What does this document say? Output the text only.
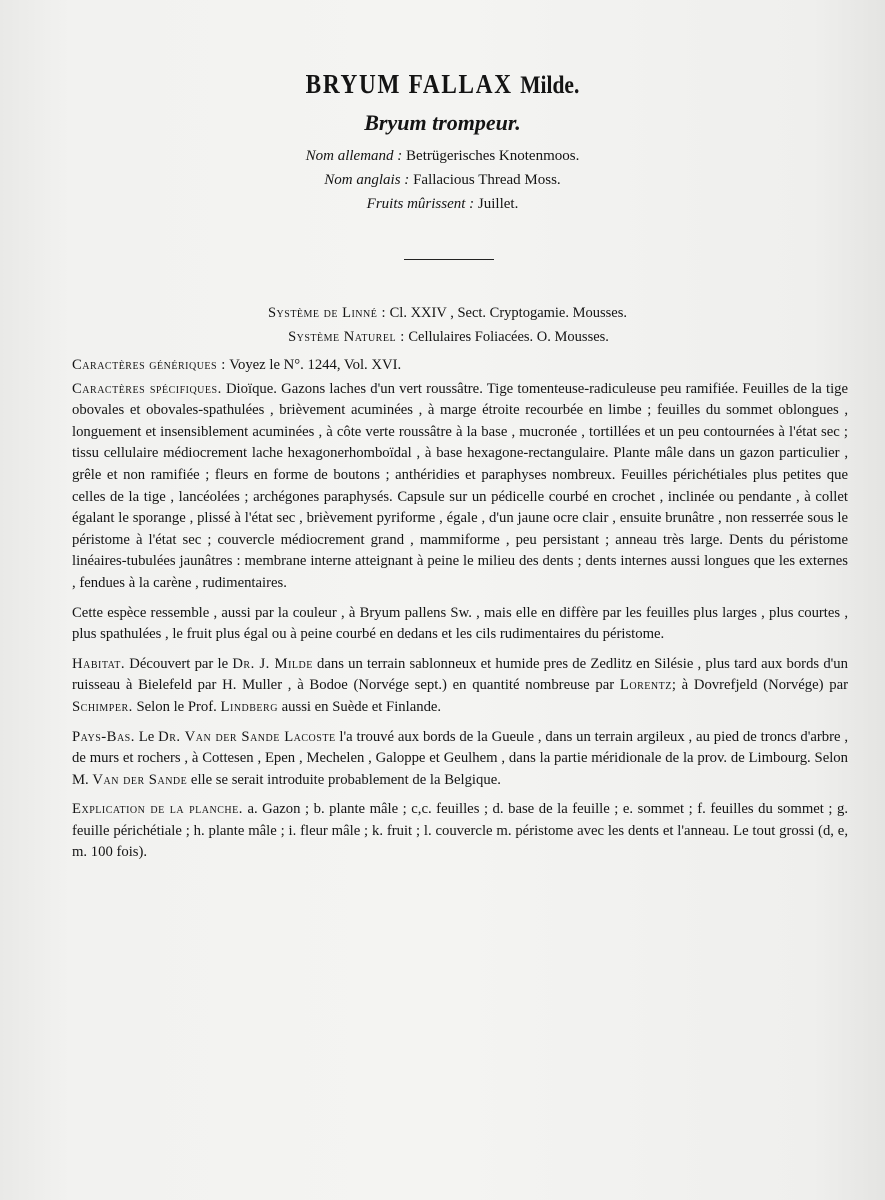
BRYUM FALLAX Milde.
Bryum trompeur.
Nom allemand : Betrügerisches Knotenmoos.
Nom anglais : Fallacious Thread Moss.
Fruits mûrissent : Juillet.
Système de Linné : Cl. XXIV , Sect. Cryptogamie. Mousses.
Système Naturel : Cellulaires Foliacées. O. Mousses.

Caractères génériques : Voyez le N°. 1244, Vol. XVI.

Caractères spécifiques. Dioïque. Gazons laches d'un vert roussâtre. Tige tomenteuse-radiculeuse peu ramifiée. Feuilles de la tige obovales et obovales-spathulées , brièvement acuminées , à marge étroite recourbée en limbe ; feuilles du sommet oblongues , longuement et insensiblement acuminées , à côte verte roussâtre à la base , mucronée , tortillées et un peu contournées à l'état sec ; tissu cellulaire médiocrement lache hexagonerhomboïdal , à base hexagone-rectangulaire. Plante mâle dans un gazon particulier , grêle et non ramifiée ; fleurs en forme de boutons ; anthéridies et paraphyses nombreux. Feuilles périchétiales plus petites que celles de la tige , lancéolées ; archégones paraphysés. Capsule sur un pédicelle courbé en crochet , inclinée ou pendante , à collet égalant le sporange , plissé à l'état sec , brièvement pyriforme , égale , d'un jaune ocre clair , ensuite brunâtre , non resserrée sous le péristome à l'état sec ; couvercle médiocrement grand , mammiforme , peu persistant ; anneau très large. Dents du péristome linéaires-tubulées jaunâtres : membrane interne atteignant à peine le milieu des dents ; dents internes aussi longues que les externes , fendues à la carène , rudimentaires.

Cette espèce ressemble , aussi par la couleur , à Bryum pallens Sw. , mais elle en diffère par les feuilles plus larges , plus courtes , plus spathulées , le fruit plus égal ou à peine courbé en dedans et les cils rudimentaires du péristome.

Habitat. Découvert par le Dr. J. Milde dans un terrain sablonneux et humide pres de Zedlitz en Silésie , plus tard aux bords d'un ruisseau à Bielefeld par H. Muller , à Bodoe (Norvége sept.) en quantité nombreuse par Lorentz; à Dovrefjeld (Norvége) par Schimper. Selon le Prof. Lindberg aussi en Suède et Finlande.

Pays-Bas. Le Dr. Van der Sande Lacoste l'a trouvé aux bords de la Gueule , dans un terrain argileux , au pied de troncs d'arbre , de murs et rochers , à Cottesen , Epen , Mechelen , Galoppe et Geulhem , dans la partie méridionale de la prov. de Limbourg. Selon M. Van der Sande elle se serait introduite probablement de la Belgique.

Explication de la planche. a. Gazon ; b. plante mâle ; c,c. feuilles ; d. base de la feuille ; e. sommet ; f. feuilles du sommet ; g. feuille périchétiale ; h. plante mâle ; i. fleur mâle ; k. fruit ; l. couvercle m. péristome avec les dents et l'anneau. Le tout grossi (d, e, m. 100 fois).
